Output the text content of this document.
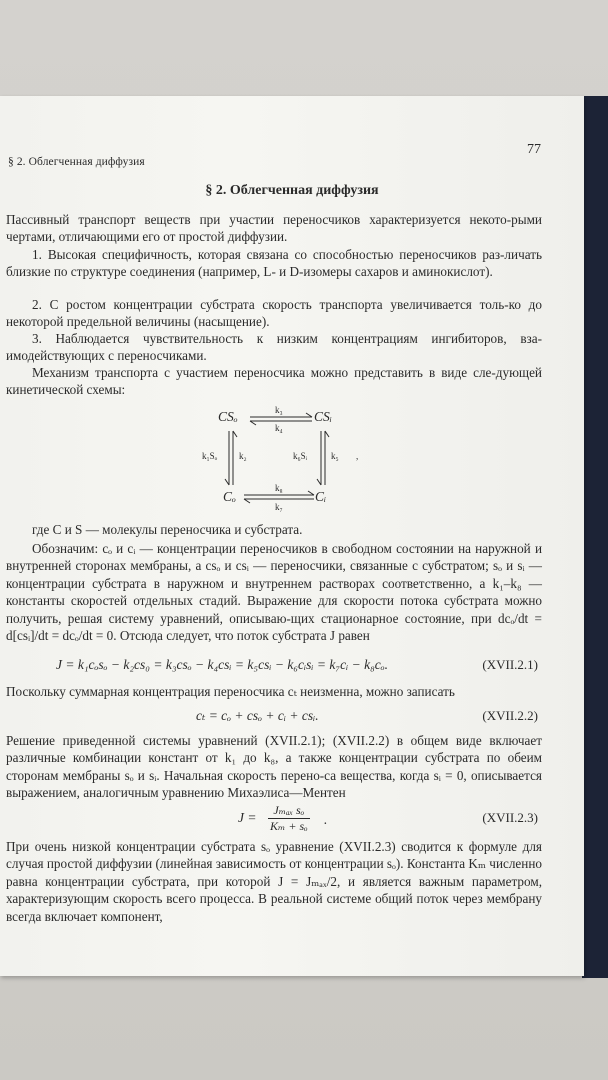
§ 2. Облегченная диффузия
77
§ 2. Облегченная диффузия

Пассивный транспорт веществ при участии переносчиков характеризуется некото-рыми чертами, отличающими его от простой диффузии.

1. Высокая специфичность, которая связана со способностью переносчиков раз-личать близкие по структуре соединения (например, L- и D-изомеры сахаров и аминокислот).

2. С ростом концентрации субстрата скорость транспорта увеличивается толь-ко до некоторой предельной величины (насыщение).

3. Наблюдается чувствительность к низким концентрациям ингибиторов, вза-имодействующих с переносчиками.

Механизм транспорта с участием переносчика можно представить в виде сле-дующей кинетической схемы:

CSₒ	CSᵢ
Cₒ	Cᵢ
k₃
k₄
k₁Sₒ k₂	k₆Sᵢ	k₅ ,
k₈
k₇

где C и S — молекулы переносчика и субстрата.

Обозначим: cₒ и cᵢ — концентрации переносчиков в свободном состоянии на наружной и внутренней сторонах мембраны, а csₒ и csᵢ — переносчики, связанные с субстратом; sₒ и sᵢ — концентрации субстрата в наружном и внутреннем растворах соответственно, а k₁–k₈ — константы скоростей отдельных стадий. Выражение для скорости потока субстрата можно получить, решая систему уравнений, описываю-щих стационарное состояние, при dcₒ/dt = d[csᵢ]/dt = dcₒ/dt = 0. Отсюда следует, что поток субстрата J равен

J = k₁cₒsₒ − k₂cs₀ = k₃csₒ − k₄csᵢ = k₅csᵢ − k₆cᵢsᵢ = k₇cᵢ − k₈cₒ.	(XVII.2.1)

Поскольку суммарная концентрация переносчика cₜ неизменна, можно записать

cₜ = cₒ + csₒ + cᵢ + csᵢ.	(XVII.2.2)

Решение приведенной системы уравнений (XVII.2.1); (XVII.2.2) в общем виде включает различные комбинации констант от k₁ до k₈, а также концентрации субстрата по обеим сторонам мембраны sₒ и sᵢ. Начальная скорость перено-са вещества, когда sᵢ = 0, описывается выражением, аналогичным уравнению Михаэлиса—Ментен

J =	Jₘₐₓ sₒ
Kₘ + sₒ .	(XVII.2.3)

При очень низкой концентрации субстрата sₒ уравнение (XVII.2.3) сводится к формуле для случая простой диффузии (линейная зависимость от концентрации sₒ). Константа Kₘ численно равна концентрации субстрата, при которой J = Jₘₐₓ/2, и является важным параметром, характеризующим скорость всего процесса. В реальной системе общий поток через мембрану всегда включает компонент,
